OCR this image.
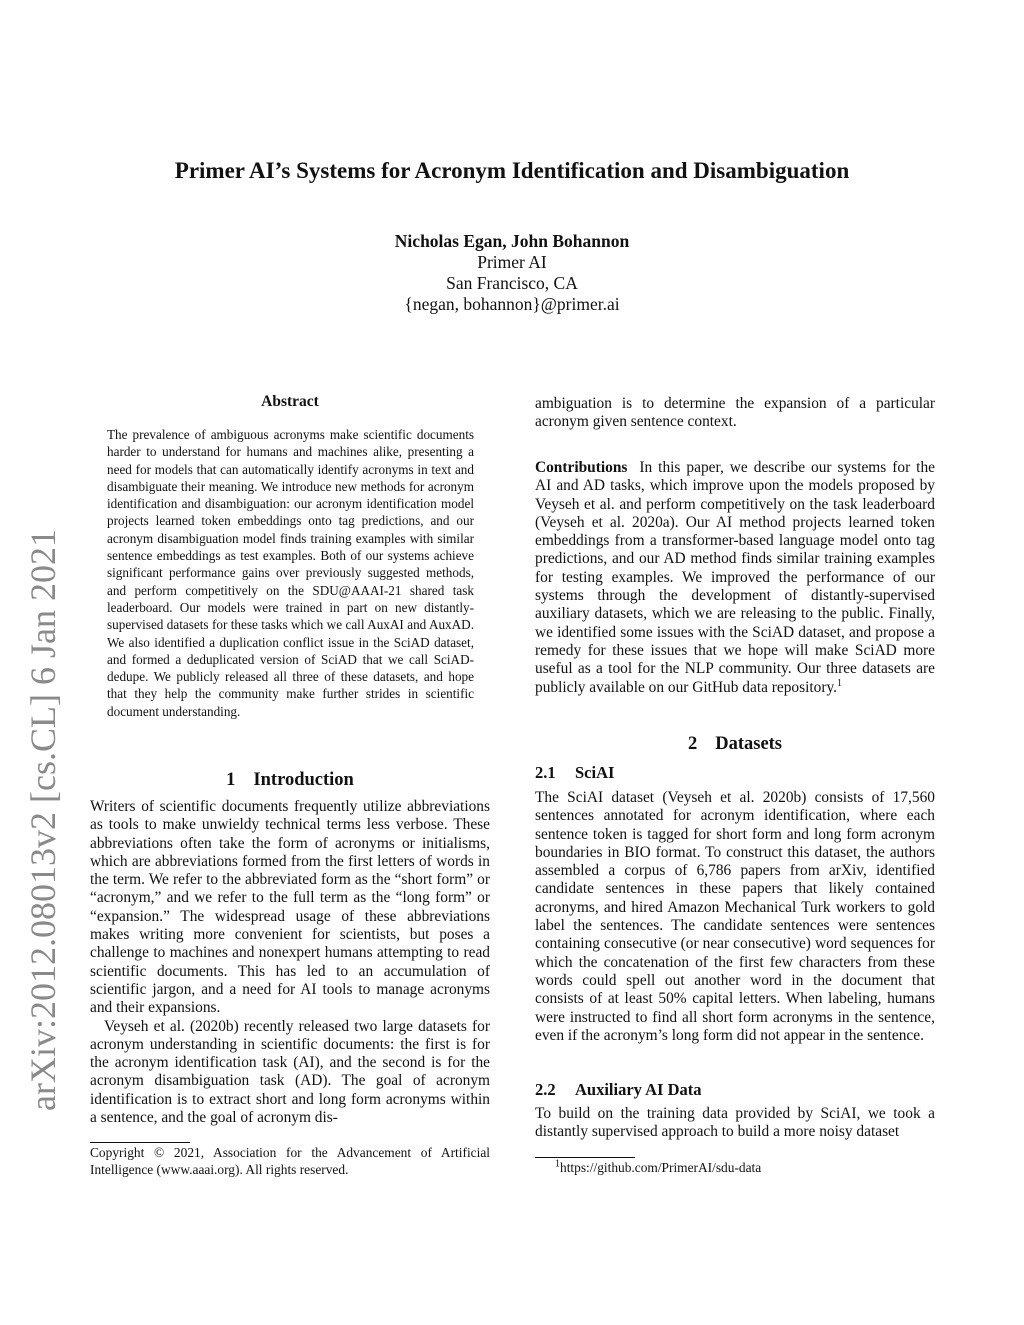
Primer AI’s Systems for Acronym Identification and Disambiguation
Nicholas Egan, John Bohannon
Primer AI
San Francisco, CA
{negan, bohannon}@primer.ai
arXiv:2012.08013v2 [cs.CL] 6 Jan 2021
Abstract
The prevalence of ambiguous acronyms make scientific documents harder to understand for humans and machines alike, presenting a need for models that can automatically identify acronyms in text and disambiguate their meaning. We introduce new methods for acronym identification and disambiguation: our acronym identification model projects learned token embeddings onto tag predictions, and our acronym disambiguation model finds training examples with similar sentence embeddings as test examples. Both of our systems achieve significant performance gains over previously suggested methods, and perform competitively on the SDU@AAAI-21 shared task leaderboard. Our models were trained in part on new distantly-supervised datasets for these tasks which we call AuxAI and AuxAD. We also identified a duplication conflict issue in the SciAD dataset, and formed a deduplicated version of SciAD that we call SciAD-dedupe. We publicly released all three of these datasets, and hope that they help the community make further strides in scientific document understanding.
1 Introduction

Writers of scientific documents frequently utilize abbreviations as tools to make unwieldy technical terms less verbose. These abbreviations often take the form of acronyms or initialisms, which are abbreviations formed from the first letters of words in the term. We refer to the abbreviated form as the “short form” or “acronym,” and we refer to the full term as the “long form” or “expansion.” The widespread usage of these abbreviations makes writing more convenient for scientists, but poses a challenge to machines and nonexpert humans attempting to read scientific documents. This has led to an accumulation of scientific jargon, and a need for AI tools to manage acronyms and their expansions.

Veyseh et al. (2020b) recently released two large datasets for acronym understanding in scientific documents: the first is for the acronym identification task (AI), and the second is for the acronym disambiguation task (AD). The goal of acronym identification is to extract short and long form acronyms within a sentence, and the goal of acronym dis-

Copyright © 2021, Association for the Advancement of Artificial Intelligence (www.aaai.org). All rights reserved.

ambiguation is to determine the expansion of a particular acronym given sentence context.

Contributions In this paper, we describe our systems for the AI and AD tasks, which improve upon the models proposed by Veyseh et al. and perform competitively on the task leaderboard (Veyseh et al. 2020a). Our AI method projects learned token embeddings from a transformer-based language model onto tag predictions, and our AD method finds similar training examples for testing examples. We improved the performance of our systems through the development of distantly-supervised auxiliary datasets, which we are releasing to the public. Finally, we identified some issues with the SciAD dataset, and propose a remedy for these issues that we hope will make SciAD more useful as a tool for the NLP community. Our three datasets are publicly available on our GitHub data repository.$^1$

2 Datasets
2.1 SciAI

The SciAI dataset (Veyseh et al. 2020b) consists of 17,560 sentences annotated for acronym identification, where each sentence token is tagged for short form and long form acronym boundaries in BIO format. To construct this dataset, the authors assembled a corpus of 6,786 papers from arXiv, identified candidate sentences in these papers that likely contained acronyms, and hired Amazon Mechanical Turk workers to gold label the sentences. The candidate sentences were sentences containing consecutive (or near consecutive) word sequences for which the concatenation of the first few characters from these words could spell out another word in the document that consists of at least 50% capital letters. When labeling, humans were instructed to find all short form acronyms in the sentence, even if the acronym’s long form did not appear in the sentence.

2.2 Auxiliary AI Data

To build on the training data provided by SciAI, we took a distantly supervised approach to build a more noisy dataset

$^1$https://github.com/PrimerAI/sdu-data
